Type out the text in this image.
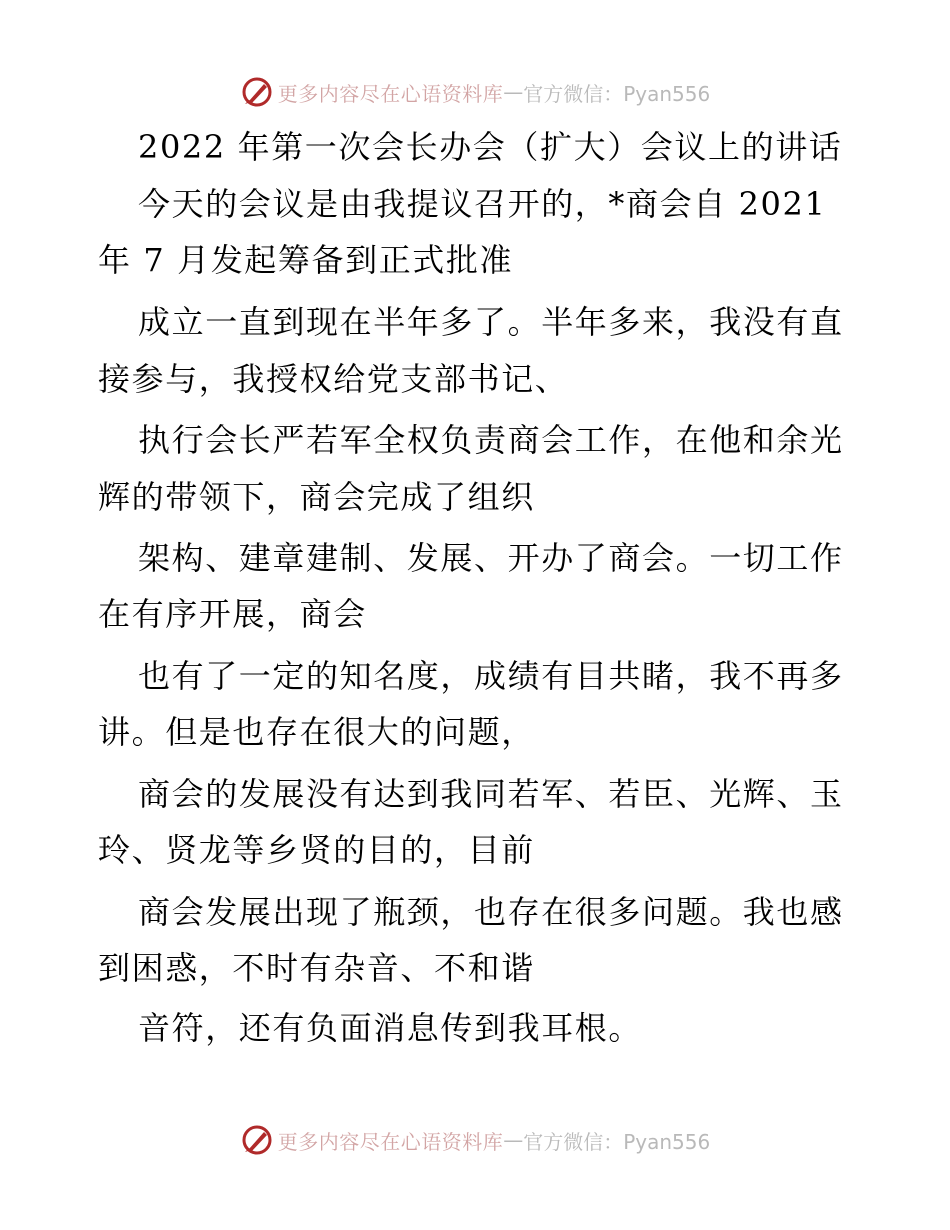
更多内容尽在心语资料库 — 官方微信：Pyan556
2022 年第一次会长办会（扩大）会议上的讲话
今天的会议是由我提议召开的，*商会自 2021
年 7 月发起筹备到正式批准
成立一直到现在半年多了。半年多来，我没有直
接参与，我授权给党支部书记、
执行会长严若军全权负责商会工作，在他和余光
辉的带领下，商会完成了组织
架构、建章建制、发展、开办了商会。一切工作
在有序开展，商会
也有了一定的知名度，成绩有目共睹，我不再多
讲。但是也存在很大的问题，
商会的发展没有达到我同若军、若臣、光辉、玉
玲、贤龙等乡贤的目的，目前
商会发展出现了瓶颈，也存在很多问题。我也感
到困惑，不时有杂音、不和谐
音符，还有负面消息传到我耳根。
更多内容尽在心语资料库 — 官方微信：Pyan556
